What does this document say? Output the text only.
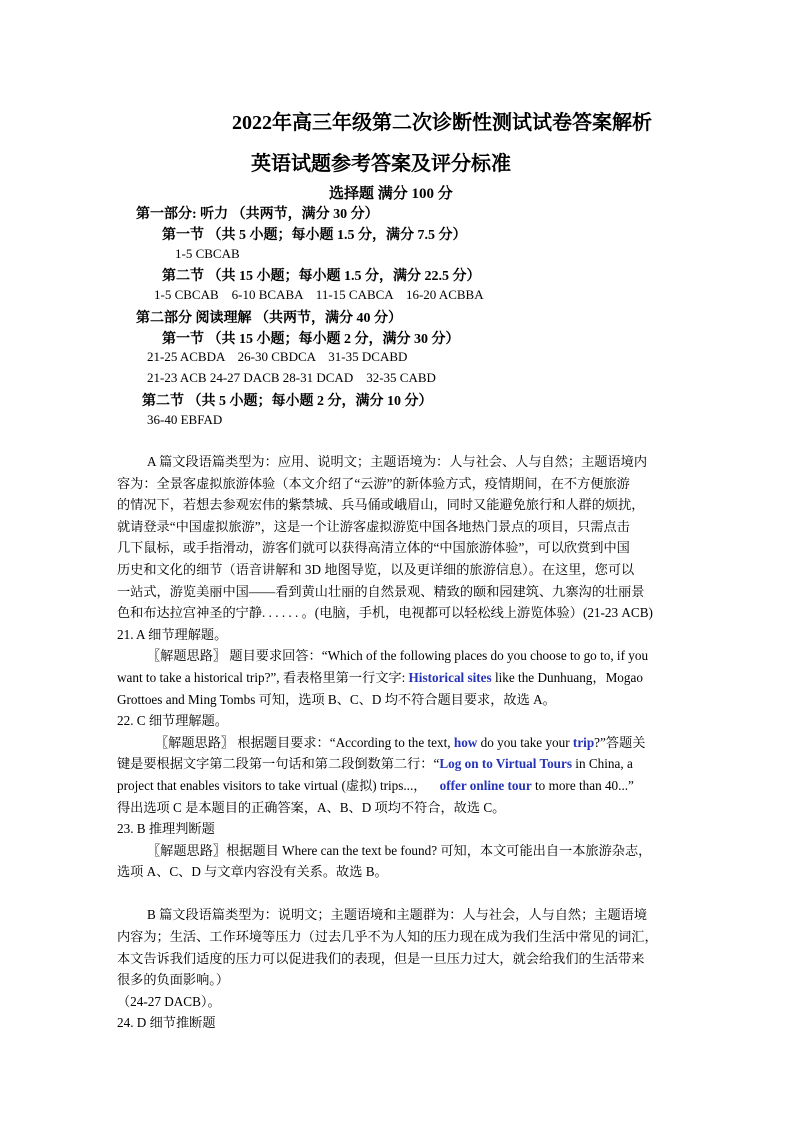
2022年高三年级第二次诊断性测试试卷答案解析
英语试题参考答案及评分标准
选择题 满分 100 分
第一部分: 听力 （共两节，满分 30 分）
第一节 （共 5 小题；每小题 1.5 分，满分 7.5 分）
1-5 CBCAB
第二节 （共 15 小题；每小题 1.5 分，满分 22.5 分）
1-5 CBCAB    6-10 BCABA    11-15 CABCA    16-20 ACBBA
第二部分 阅读理解 （共两节，满分 40 分）
第一节 （共 15 小题；每小题 2 分，满分 30 分）
21-25 ACBDA    26-30 CBDCA    31-35 DCABD
21-23 ACB 24-27 DACB 28-31 DCAD    32-35 CABD
第二节 （共 5 小题；每小题 2 分，满分 10 分）
36-40 EBFAD

A 篇文段语篇类型为：应用、说明文；主题语境为：人与社会、人与自然；主题语境内

容为：全景客虚拟旅游体验（本文介绍了“云游”的新体验方式，疫情期间，在不方便旅游

的情况下，若想去参观宏伟的紫禁城、兵马俑或峨眉山，同时又能避免旅行和人群的烦扰，

就请登录“中国虚拟旅游”，这是一个让游客虚拟游览中国各地热门景点的项目，只需点击

几下鼠标，或手指滑动，游客们就可以获得高清立体的“中国旅游体验”，可以欣赏到中国

历史和文化的细节（语音讲解和 3D 地图导览，以及更详细的旅游信息）。在这里，您可以

一站式，游览美丽中国——看到黄山壮丽的自然景观、精致的颐和园建筑、九寨沟的壮丽景

色和布达拉宫神圣的宁静. . . . . . 。(电脑，手机，电视都可以轻松线上游览体验）(21-23 ACB)

21. A 细节理解题。

〖解题思路〗 题目要求回答：“Which of the following places do you choose to go to, if you

want to take a historical trip?”, 看表格里第一行文字: Historical sites like the Dunhuang，Mogao

Grottoes and Ming Tombs 可知，选项 B、C、D 均不符合题目要求，故选 A。

22. C 细节理解题。

〖解题思路〗 根据题目要求：“According to the text, how do you take your trip?”答题关

键是要根据文字第二段第一句话和第二段倒数第二行：“Log on to Virtual Tours in China, a

project that enables visitors to take virtual (虚拟) trips...，    offer online tour to more than 40...”

得出选项 C 是本题目的正确答案，A、B、D 项均不符合，故选 C。

23. B 推理判断题

〖解题思路〗根据题目 Where can the text be found? 可知，本文可能出自一本旅游杂志，

选项 A、C、D 与文章内容没有关系。故选 B。

B 篇文段语篇类型为：说明文；主题语境和主题群为：人与社会，人与自然；主题语境

内容为；生活、工作环境等压力（过去几乎不为人知的压力现在成为我们生活中常见的词汇，

本文告诉我们适度的压力可以促进我们的表现，但是一旦压力过大，就会给我们的生活带来

很多的负面影响。）

（24-27 DACB）。

24. D 细节推断题
